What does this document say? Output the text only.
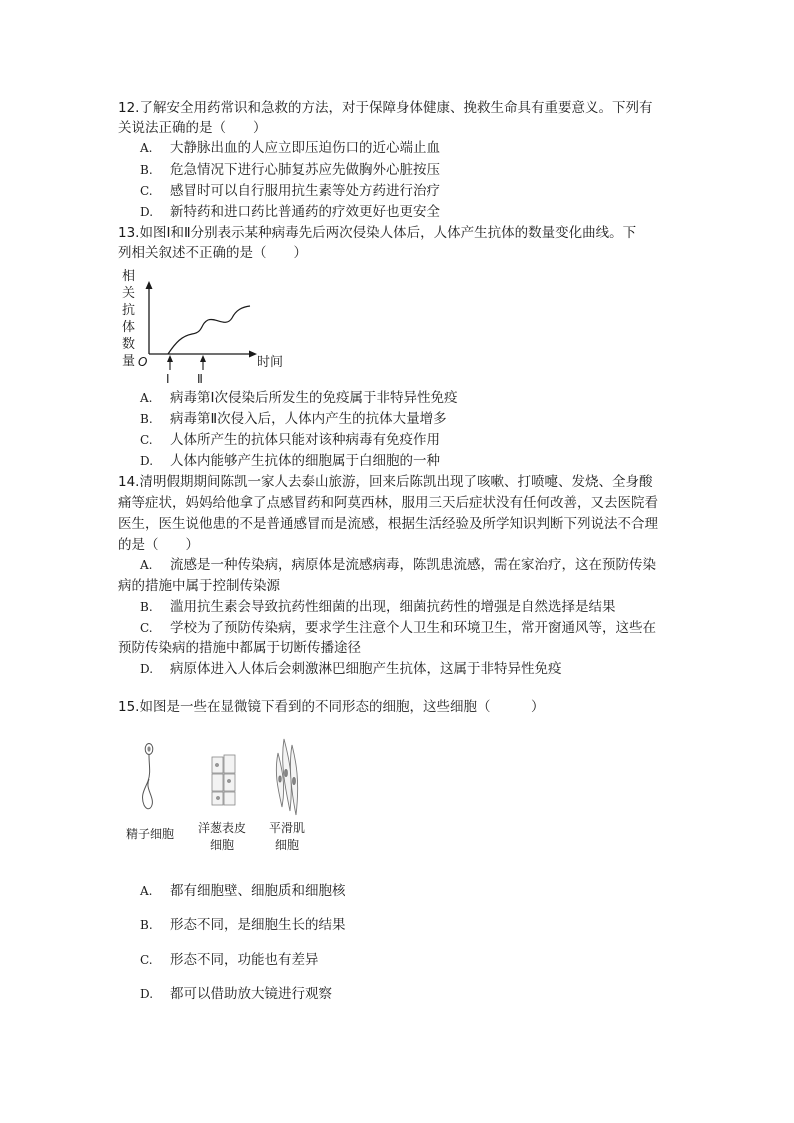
12.了解安全用药常识和急救的方法，对于保障身体健康、挽救生命具有重要意义。下列有
关说法正确的是（　　）
A. 大静脉出血的人应立即压迫伤口的近心端止血
B. 危急情况下进行心肺复苏应先做胸外心脏按压
C. 感冒时可以自行服用抗生素等处方药进行治疗
D. 新特药和进口药比普通药的疗效更好也更安全
13.如图Ⅰ和Ⅱ分别表示某种病毒先后两次侵染人体后，人体产生抗体的数量变化曲线。下
列相关叙述不正确的是（　　）
相
关
抗
体
数
量 O	时间
Ⅰ Ⅱ
A. 病毒第Ⅰ次侵染后所发生的免疫属于非特异性免疫
B. 病毒第Ⅱ次侵入后，人体内产生的抗体大量增多
C. 人体所产生的抗体只能对该种病毒有免疫作用
D. 人体内能够产生抗体的细胞属于白细胞的一种
14.清明假期期间陈凯一家人去泰山旅游，回来后陈凯出现了咳嗽、打喷嚏、发烧、全身酸
痛等症状，妈妈给他拿了点感冒药和阿莫西林，服用三天后症状没有任何改善，又去医院看
医生，医生说他患的不是普通感冒而是流感，根据生活经验及所学知识判断下列说法不合理
的是（　　）
A. 流感是一种传染病，病原体是流感病毒，陈凯患流感，需在家治疗，这在预防传染
病的措施中属于控制传染源
B. 滥用抗生素会导致抗药性细菌的出现，细菌抗药性的增强是自然选择是结果
C. 学校为了预防传染病，要求学生注意个人卫生和环境卫生，常开窗通风等，这些在
预防传染病的措施中都属于切断传播途径
D. 病原体进入人体后会刺激淋巴细胞产生抗体，这属于非特异性免疫
15.如图是一些在显微镜下看到的不同形态的细胞，这些细胞（　　　）
精子细胞	洋葱表皮
细胞
平滑肌
细胞
A. 都有细胞壁、细胞质和细胞核
B. 形态不同，是细胞生长的结果
C. 形态不同，功能也有差异
D. 都可以借助放大镜进行观察
